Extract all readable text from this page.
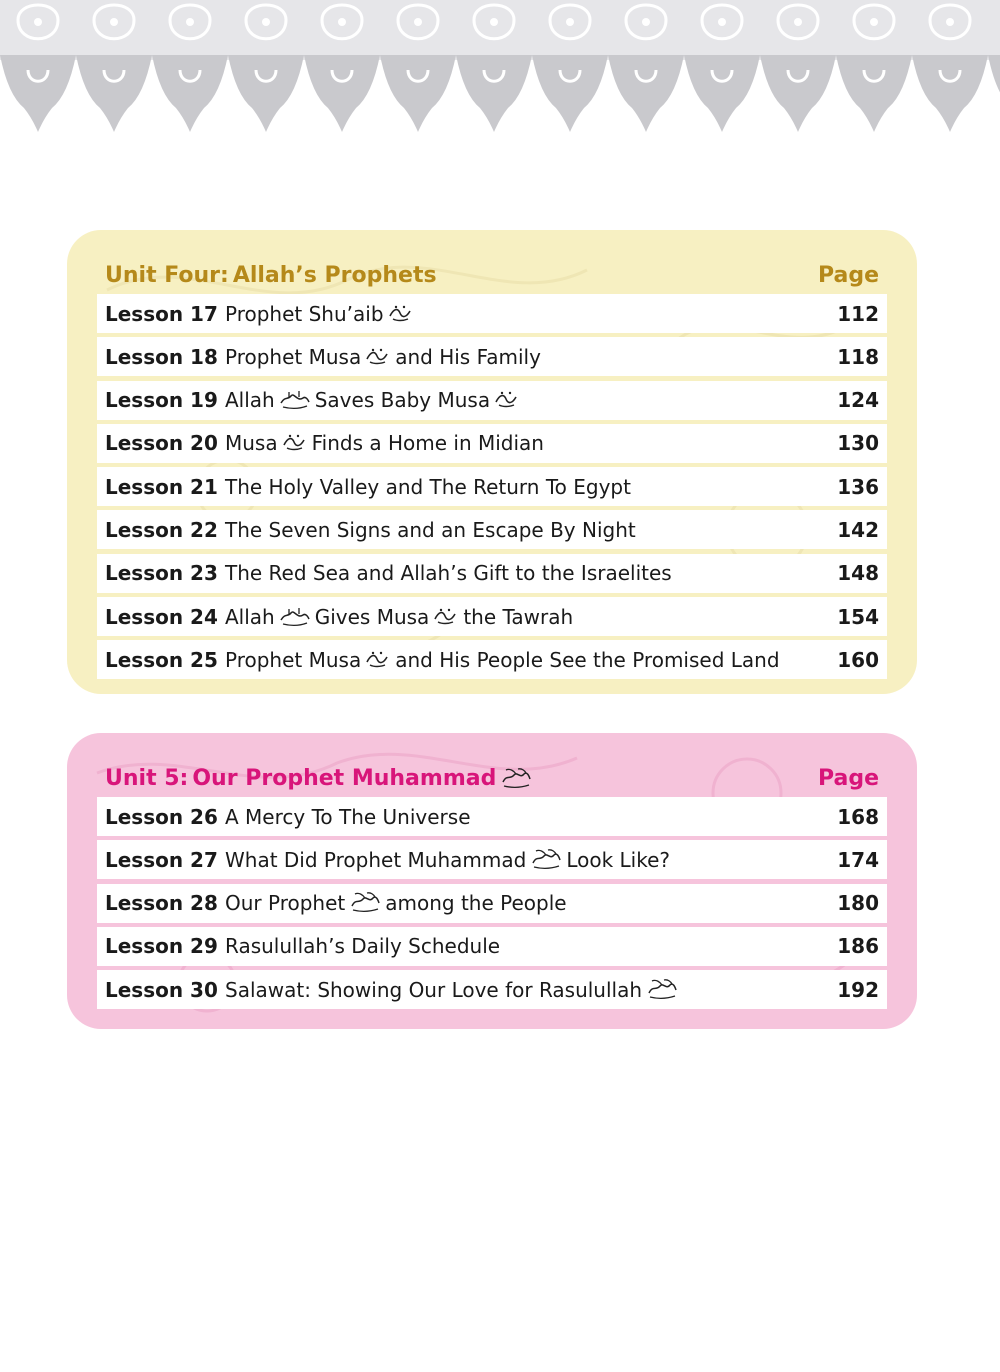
Unit Four: Allah’s Prophets	Page
Lesson 17 Prophet Shu’aib	112
Lesson 18 Prophet Musa and His Family	118
Lesson 19 Allah Saves Baby Musa	124
Lesson 20 Musa Finds a Home in Midian	130
Lesson 21 The Holy Valley and The Return To Egypt	136
Lesson 22 The Seven Signs and an Escape By Night	142
Lesson 23 The Red Sea and Allah’s Gift to the Israelites	148
Lesson 24 Allah Gives Musa the Tawrah	154
Lesson 25 Prophet Musa and His People See the Promised Land	160
Unit 5: Our Prophet Muhammad	Page
Lesson 26 A Mercy To The Universe	168
Lesson 27 What Did Prophet Muhammad Look Like?	174
Lesson 28 Our Prophet among the People	180
Lesson 29 Rasulullah’s Daily Schedule	186
Lesson 30 Salawat: Showing Our Love for Rasulullah	192
